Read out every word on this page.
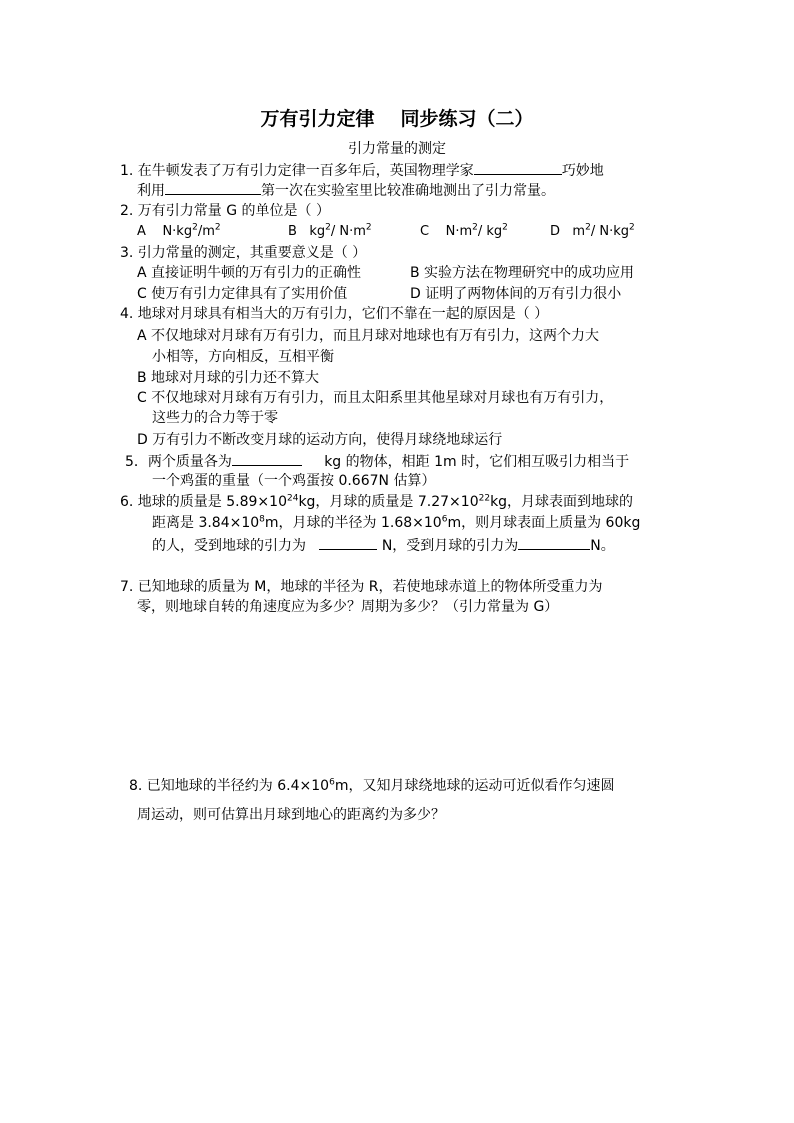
万有引力定律 同步练习（二）
引力常量的测定
1. 在牛顿发表了万有引力定律一百多年后，英国物理学家	巧妙地
利用	第一次在实验室里比较准确地测出了引力常量。
2. 万有引力常量 G 的单位是（ ）
A $N\cdot kg^2/m^2$	B $kg^2/$ $N\cdot m^2$	C $N\cdot m^2/$ $kg^2$	D $m^2/$ $N\cdot kg^2$
3. 引力常量的测定，其重要意义是（ ）
A 直接证明牛顿的万有引力的正确性	B 实验方法在物理研究中的成功应用
C 使万有引力定律具有了实用价值	D 证明了两物体间的万有引力很小
4. 地球对月球具有相当大的万有引力，它们不靠在一起的原因是（ ）
A 不仅地球对月球有万有引力，而且月球对地球也有万有引力，这两个力大
小相等，方向相反，互相平衡
B 地球对月球的引力还不算大
C 不仅地球对月球有万有引力，而且太阳系里其他星球对月球也有万有引力，
这些力的合力等于零
D 万有引力不断改变月球的运动方向，使得月球绕地球运行
5．两个质量各为	kg 的物体，相距 1m 时，它们相互吸引力相当于
一个鸡蛋的重量（一个鸡蛋按 0.667N 估算）
6. 地球的质量是 $5.89\times 10^{24}kg$，月球的质量是 $7.27\times 10^{22}kg$，月球表面到地球的
距离是 $3.84\times 10^8m$，月球的半径为 $1.68\times 10^6m$，则月球表面上质量为 60kg
的人，受到地球的引力为	N，受到月球的引力为	N。
7. 已知地球的质量为 M，地球的半径为 R，若使地球赤道上的物体所受重力为
零，则地球自转的角速度应为多少？周期为多少？（引力常量为 G）
8. 已知地球的半径约为 $6.4\times 10^6m$，又知月球绕地球的运动可近似看作匀速圆
周运动，则可估算出月球到地心的距离约为多少？
